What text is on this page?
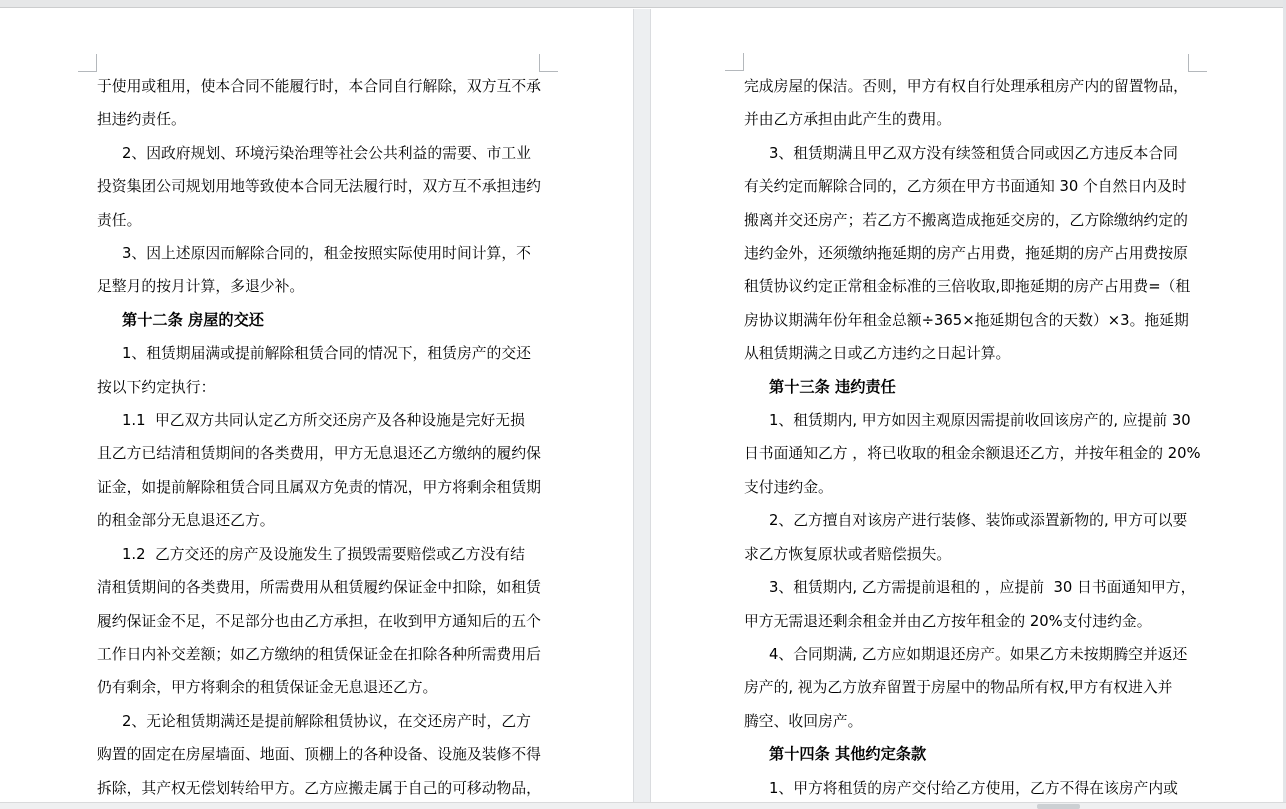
于使用或租用，使本合同不能履行时，本合同自行解除，双方互不承
担违约责任。
2、因政府规划、环境污染治理等社会公共利益的需要、市工业
投资集团公司规划用地等致使本合同无法履行时，双方互不承担违约
责任。
3、因上述原因而解除合同的，租金按照实际使用时间计算，不
足整月的按月计算，多退少补。
第十二条 房屋的交还
1、租赁期届满或提前解除租赁合同的情况下，租赁房产的交还
按以下约定执行：
1.1  甲乙双方共同认定乙方所交还房产及各种设施是完好无损
且乙方已结清租赁期间的各类费用，甲方无息退还乙方缴纳的履约保
证金，如提前解除租赁合同且属双方免责的情况，甲方将剩余租赁期
的租金部分无息退还乙方。
1.2  乙方交还的房产及设施发生了损毁需要赔偿或乙方没有结
清租赁期间的各类费用，所需费用从租赁履约保证金中扣除，如租赁
履约保证金不足，不足部分也由乙方承担，在收到甲方通知后的五个
工作日内补交差额；如乙方缴纳的租赁保证金在扣除各种所需费用后
仍有剩余，甲方将剩余的租赁保证金无息退还乙方。
2、无论租赁期满还是提前解除租赁协议，在交还房产时，乙方
购置的固定在房屋墙面、地面、顶棚上的各种设备、设施及装修不得
拆除，其产权无偿划转给甲方。乙方应搬走属于自己的可移动物品，
完成房屋的保洁。否则，甲方有权自行处理承租房产内的留置物品，
并由乙方承担由此产生的费用。
3、租赁期满且甲乙双方没有续签租赁合同或因乙方违反本合同
有关约定而解除合同的，乙方须在甲方书面通知 30 个自然日内及时
搬离并交还房产；若乙方不搬离造成拖延交房的，乙方除缴纳约定的
违约金外，还须缴纳拖延期的房产占用费，拖延期的房产占用费按原
租赁协议约定正常租金标准的三倍收取,即拖延期的房产占用费=（租
房协议期满年份年租金总额÷365×拖延期包含的天数）×3。拖延期
从租赁期满之日或乙方违约之日起计算。
第十三条 违约责任
1、租赁期内, 甲方如因主观原因需提前收回该房产的, 应提前 30
日书面通知乙方 ，将已收取的租金余额退还乙方，并按年租金的 20%
支付违约金。
2、乙方擅自对该房产进行装修、装饰或添置新物的, 甲方可以要
求乙方恢复原状或者赔偿损失。
3、租赁期内, 乙方需提前退租的 ，应提前  30 日书面通知甲方，
甲方无需退还剩余租金并由乙方按年租金的 20%支付违约金。
4、合同期满, 乙方应如期退还房产。如果乙方未按期腾空并返还
房产的, 视为乙方放弃留置于房屋中的物品所有权,甲方有权进入并
腾空、收回房产。
第十四条 其他约定条款
1、甲方将租赁的房产交付给乙方使用，乙方不得在该房产内或
